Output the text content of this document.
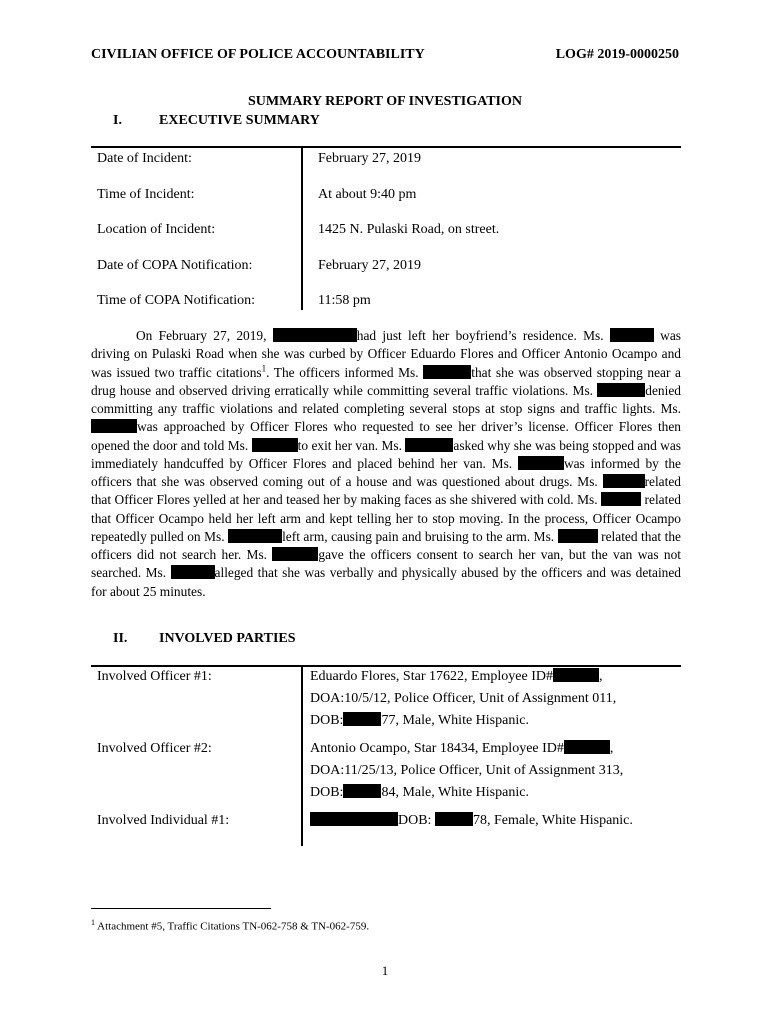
CIVILIAN OFFICE OF POLICE ACCOUNTABILITY	LOG# 2019-0000250
SUMMARY REPORT OF INVESTIGATION
I.	EXECUTIVE SUMMARY
Date of Incident:	February 27, 2019
Time of Incident:	At about 9:40 pm
Location of Incident:	1425 N. Pulaski Road, on street.
Date of COPA Notification:	February 27, 2019
Time of COPA Notification:	11:58 pm
On February 27, 2019,	had just left her boyfriend’s residence. Ms.	was driving on Pulaski Road when she was curbed by Officer Eduardo Flores and Officer Antonio Ocampo and was issued two traffic citations$^1$. The officers informed Ms.	that she was observed stopping near a drug house and observed driving erratically while committing several traffic violations. Ms.	denied committing any traffic violations and related completing several stops at stop signs and traffic lights. Ms. was approached by Officer Flores who requested to see her driver’s license. Officer Flores then opened the door and told Ms.	to exit her van. Ms.	asked why she was being stopped and was immediately handcuffed by Officer Flores and placed behind her van. Ms.	was informed by the officers that she was observed coming out of a house and was questioned about drugs. Ms.	related that Officer Flores yelled at her and teased her by making faces as she shivered with cold. Ms.	related that Officer Ocampo held her left arm and kept telling her to stop moving. In the process, Officer Ocampo repeatedly pulled on Ms.	left arm, causing pain and bruising to the arm. Ms.	related that the officers did not search her. Ms.	gave the officers consent to search her van, but the van was not searched. Ms.	alleged that she was verbally and physically abused by the officers and was detained for about 25 minutes.
II. INVOLVED PARTIES
Involved Officer #1:	Eduardo Flores, Star 17622, Employee ID#	,
DOA:10/5/12, Police Officer, Unit of Assignment 011,
DOB:	77, Male, White Hispanic.
Involved Officer #2:	Antonio Ocampo, Star 18434, Employee ID#	,
DOA:11/25/13, Police Officer, Unit of Assignment 313,
DOB:	84, Male, White Hispanic.
Involved Individual #1:	DOB:	78, Female, White Hispanic.
$^1$ Attachment #5, Traffic Citations TN-062-758 & TN-062-759.
1
